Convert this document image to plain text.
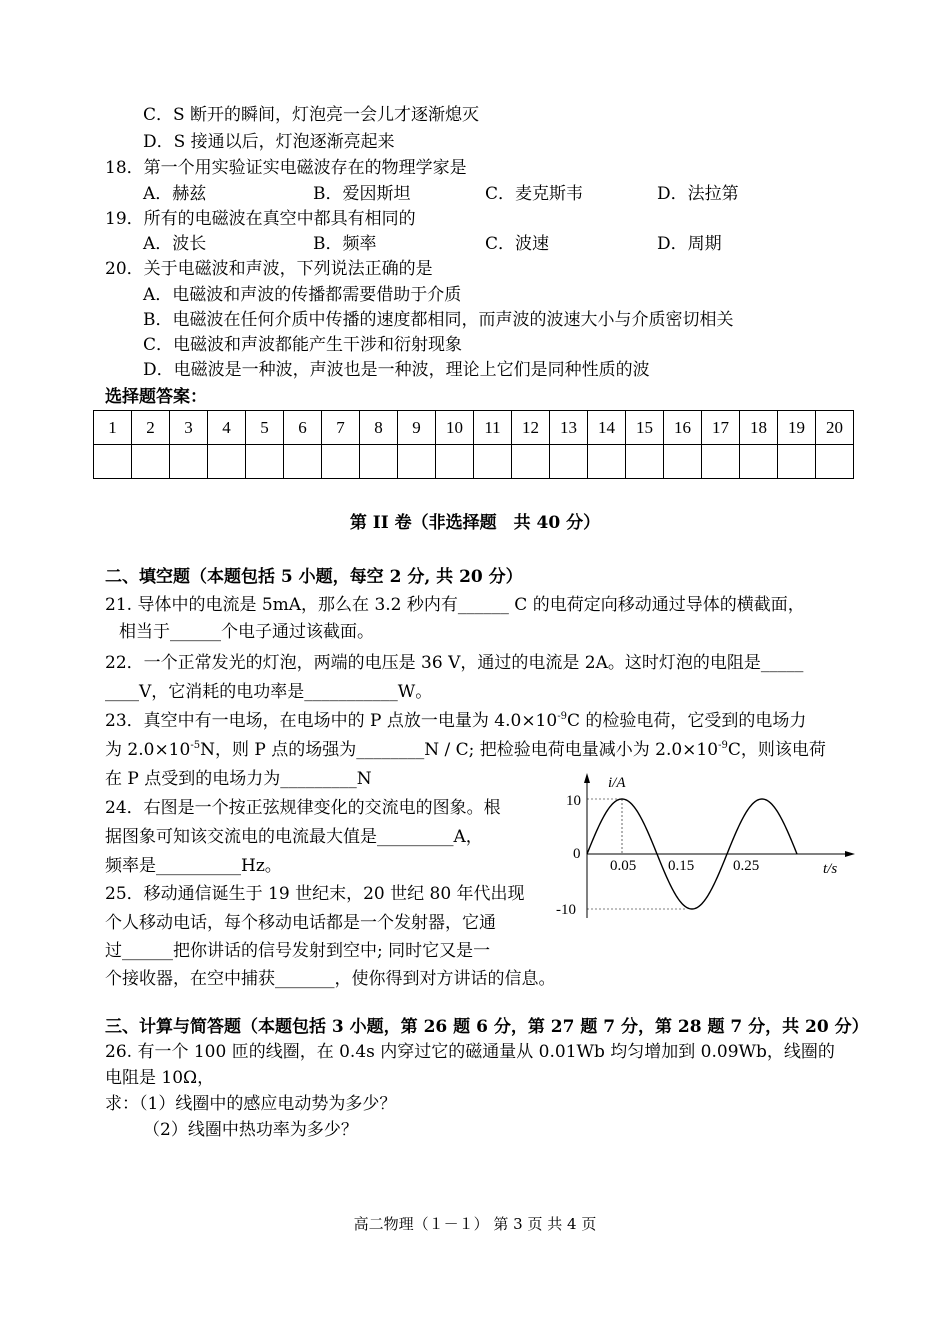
C．S 断开的瞬间，灯泡亮一会儿才逐渐熄灭
D．S 接通以后，灯泡逐渐亮起来
18．第一个用实验证实电磁波存在的物理学家是
A．赫兹	B．爱因斯坦	C．麦克斯韦	D．法拉第
19．所有的电磁波在真空中都具有相同的
A．波长	B．频率	C．波速	D．周期
20．关于电磁波和声波，下列说法正确的是
A．电磁波和声波的传播都需要借助于介质
B．电磁波在任何介质中传播的速度都相同，而声波的波速大小与介质密切相关
C．电磁波和声波都能产生干涉和衍射现象
D．电磁波是一种波，声波也是一种波，理论上它们是同种性质的波
选择题答案：
1	2	3	4	5	6	7	8	9	10	11	12	13	14	15	16	17	18	19	20

第 II 卷（非选择题　共 40 分）
二、填空题（本题包括 5 小题，每空 2 分, 共 20 分）
21. 导体中的电流是 5mA，那么在 3.2 秒内有______ C 的电荷定向移动通过导体的横截面，
相当于______个电子通过该截面。
22．一个正常发光的灯泡，两端的电压是 36 V，通过的电流是 2A。这时灯泡的电阻是_____
____V，它消耗的电功率是___________W。
23．真空中有一电场，在电场中的 P 点放一电量为 $4.0\times 10^{-9}C$ 的检验电荷，它受到的电场力
为 $2.0\times 10^{-5}N$，则 P 点的场强为________N / C; 把检验电荷电量减小为 $2.0\times 10^{-9}C$，则该电荷
在 P 点受到的电场力为_________N
24．右图是一个按正弦规律变化的交流电的图象。根
据图象可知该交流电的电流最大值是_________A，
频率是__________Hz。
25．移动通信诞生于 19 世纪末，20 世纪 80 年代出现
个人移动电话，每个移动电话都是一个发射器，它通
过______把你讲话的信号发射到空中; 同时它又是一
个接收器，在空中捕获_______，使你得到对方讲话的信息。
i/A
t/s
10
0
-10
0.05 0.15	0.25
三、计算与简答题（本题包括 3 小题，第 26 题 6 分，第 27 题 7 分，第 28 题 7 分，共 20 分）
26. 有一个 100 匝的线圈，在 0.4s 内穿过它的磁通量从 0.01Wb 均匀增加到 0.09Wb，线圈的
电阻是 10Ω，
求：（1）线圈中的感应电动势为多少？
（2）线圈中热功率为多少？
高二物理（１－１） 第 3 页 共 4 页
